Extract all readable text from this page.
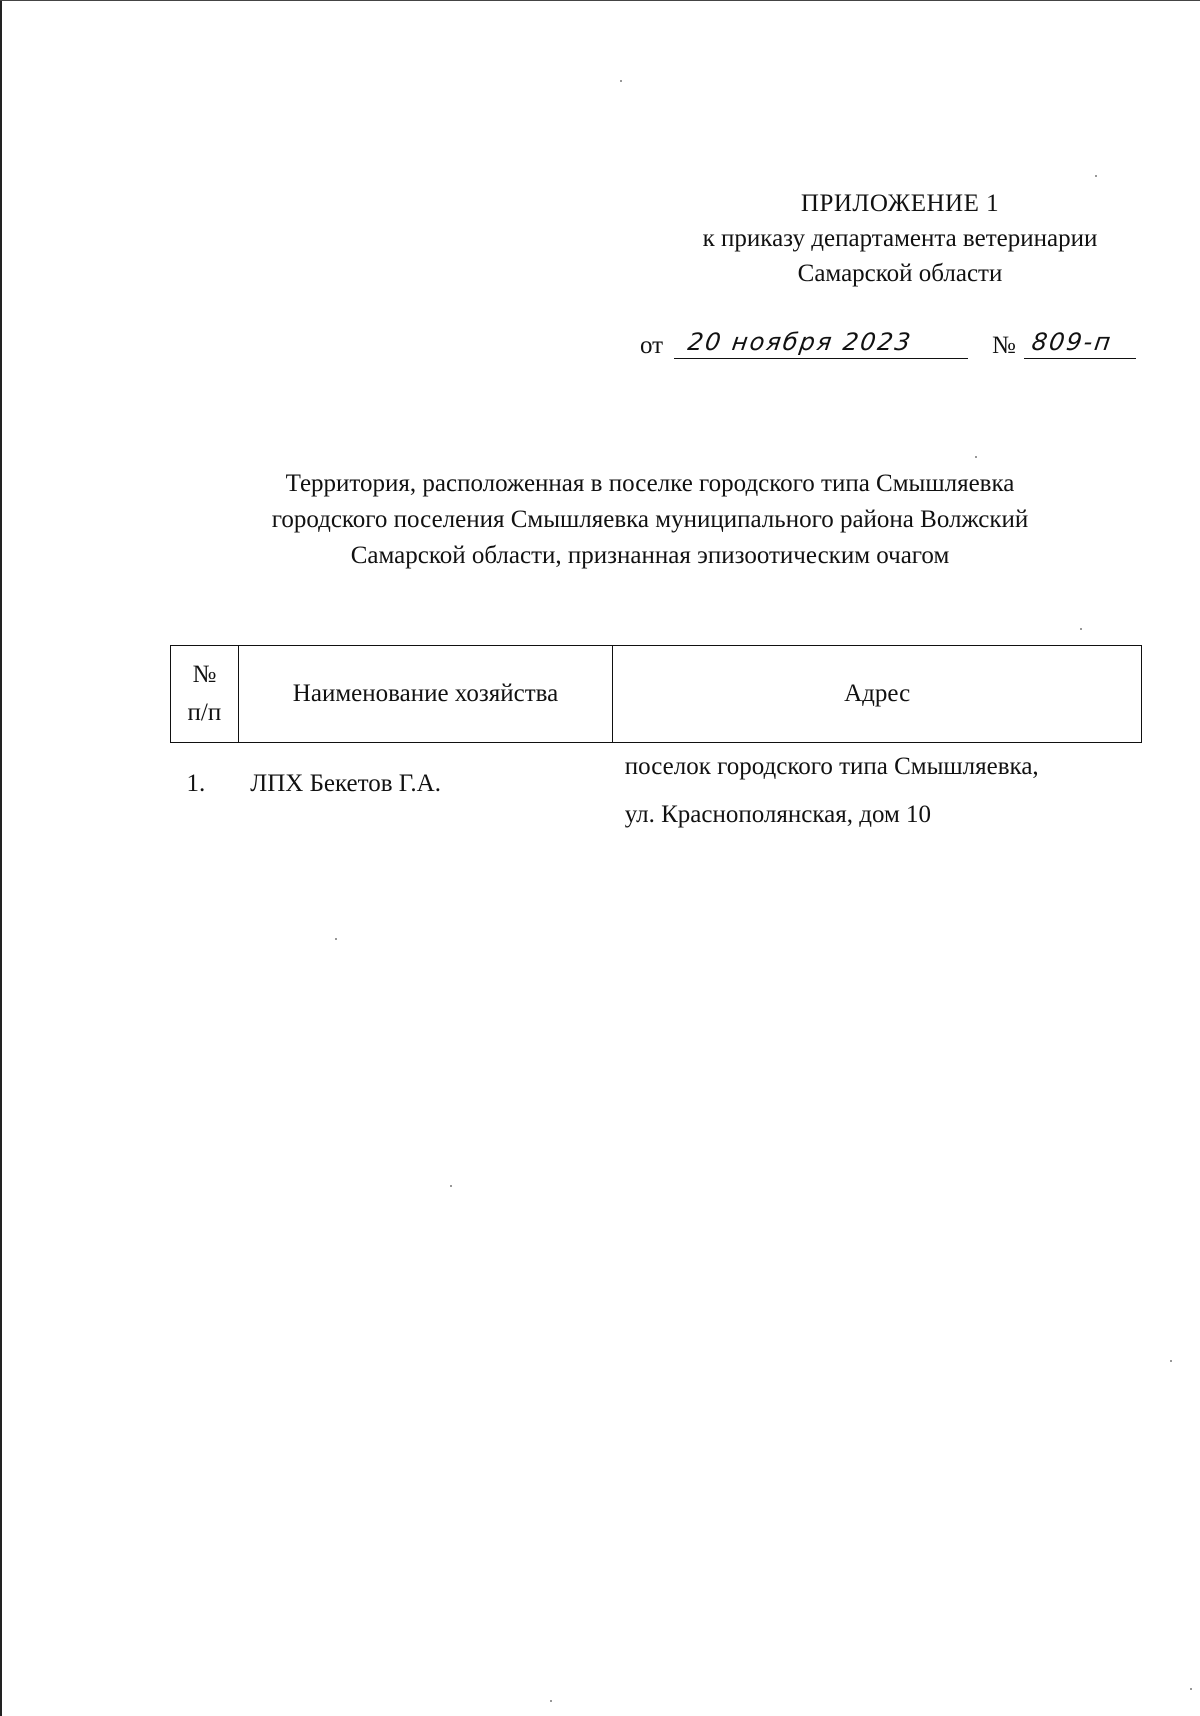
ПРИЛОЖЕНИЕ 1
к приказу департамента ветеринарии
Самарской области
от 20 ноября 2023	№ 809-п
Территория, расположенная в поселке городского типа Смышляевка
городского поселения Смышляевка муниципального района Волжский
Самарской области, признанная эпизоотическим очагом
№
п/п	Наименование хозяйства	Адрес
1.	ЛПХ Бекетов Г.А.	поселок городского типа Смышляевка,
ул. Краснополянская, дом 10
